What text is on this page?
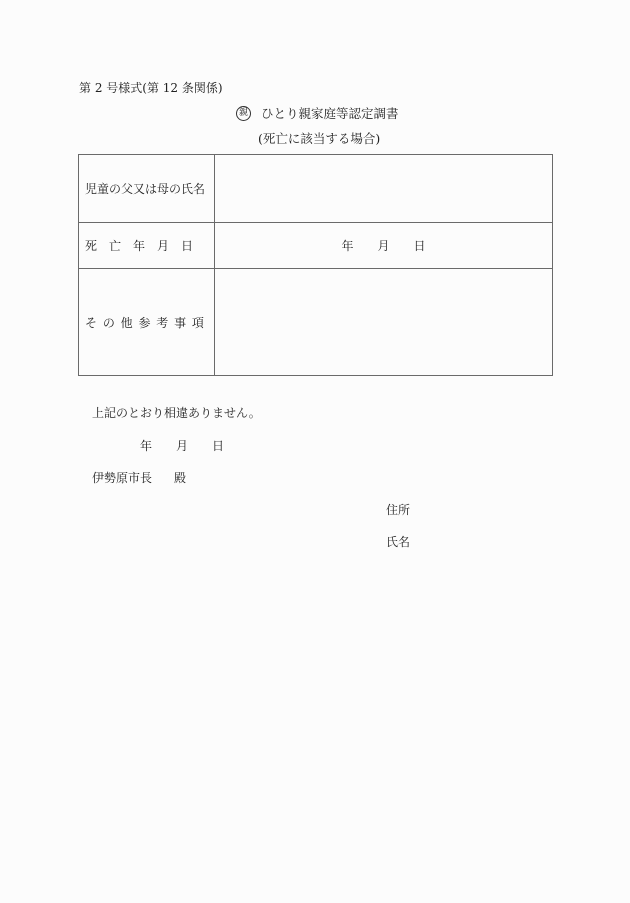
第 2 号様式(第 12 条関係)
親 ひとり親家庭等認定調書
(死亡に該当する場合)
児童の父又は母の氏名	
死　亡　年　月　日	年 月 日
そ の 他 参 考 事 項	
上記のとおり相違ありません。
年 月 日
伊勢原市長 殿
住所
氏名
